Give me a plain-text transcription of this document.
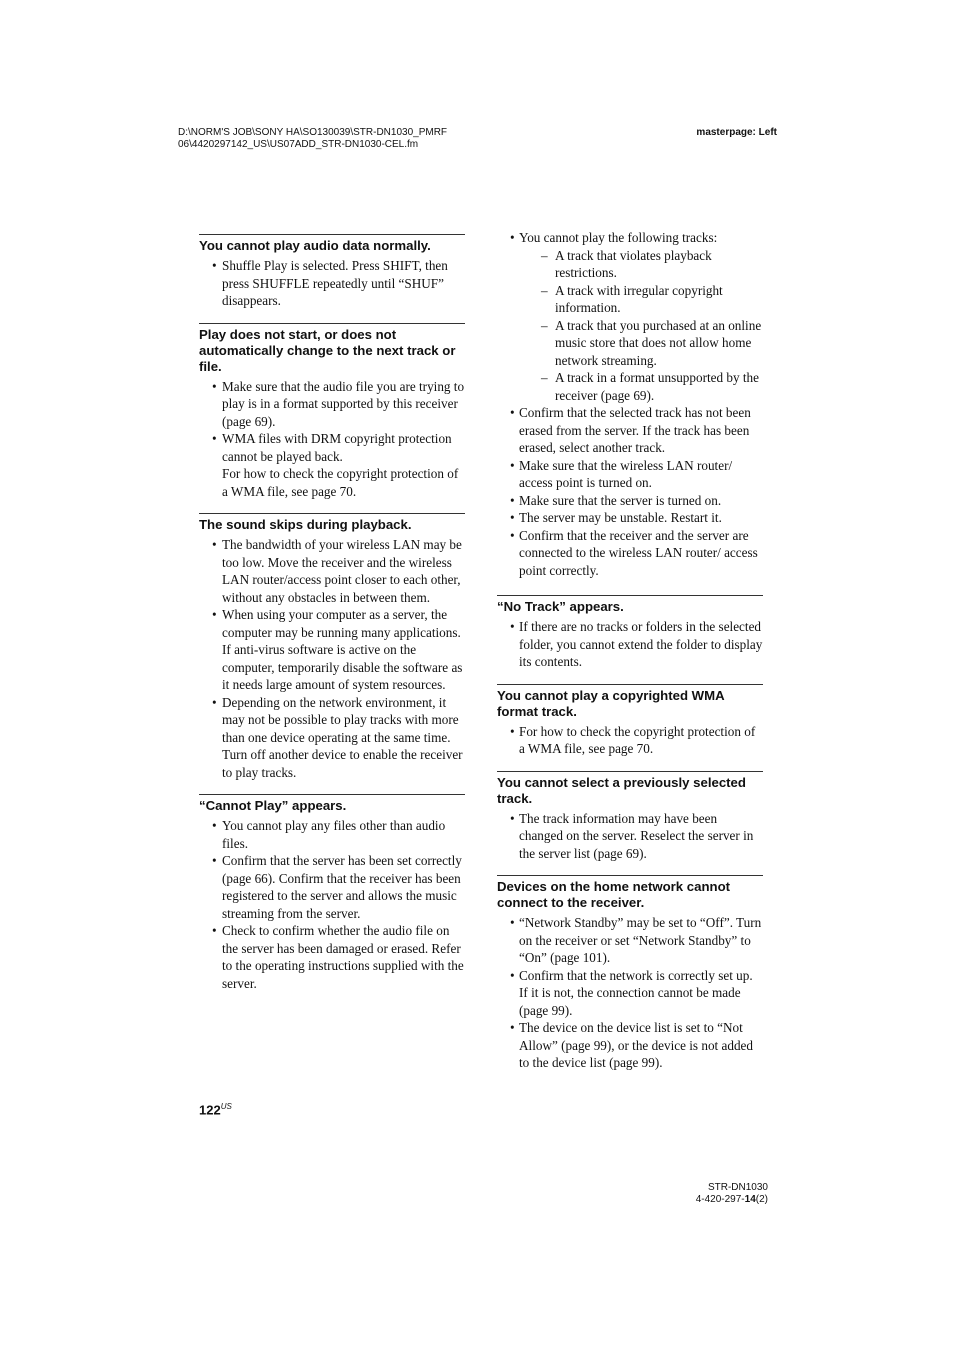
D:\NORM'S JOB\SONY HA\SO130039\STR-DN1030_PMRF
06\4420297142_US\US07ADD_STR-DN1030-CEL.fm
masterpage: Left
You cannot play audio data normally.
• Shuffle Play is selected. Press SHIFT, then press SHUFFLE repeatedly until “SHUF” disappears.
Play does not start, or does not automatically change to the next track or file.
• Make sure that the audio file you are trying to play is in a format supported by this receiver (page 69).
• WMA files with DRM copyright protection cannot be played back.
For how to check the copyright protection of a WMA file, see page 70.
The sound skips during playback.
• The bandwidth of your wireless LAN may be too low. Move the receiver and the wireless LAN router/access point closer to each other, without any obstacles in between them.
• When using your computer as a server, the computer may be running many applications. If anti-virus software is active on the computer, temporarily disable the software as it needs large amount of system resources.
• Depending on the network environment, it may not be possible to play tracks with more than one device operating at the same time. Turn off another device to enable the receiver to play tracks.
“Cannot Play” appears.
• You cannot play any files other than audio files.
• Confirm that the server has been set correctly (page 66). Confirm that the receiver has been registered to the server and allows the music streaming from the server.
• Check to confirm whether the audio file on the server has been damaged or erased. Refer to the operating instructions supplied with the server.
• You cannot play the following tracks:
– A track that violates playback restrictions.
– A track with irregular copyright information.
– A track that you purchased at an online music store that does not allow home network streaming.
– A track in a format unsupported by the receiver (page 69).
• Confirm that the selected track has not been erased from the server. If the track has been erased, select another track.
• Make sure that the wireless LAN router/ access point is turned on.
• Make sure that the server is turned on.
• The server may be unstable. Restart it.
• Confirm that the receiver and the server are connected to the wireless LAN router/ access point correctly.
“No Track” appears.
• If there are no tracks or folders in the selected folder, you cannot extend the folder to display its contents.
You cannot play a copyrighted WMA format track.
• For how to check the copyright protection of a WMA file, see page 70.
You cannot select a previously selected track.
• The track information may have been changed on the server. Reselect the server in the server list (page 69).
Devices on the home network cannot connect to the receiver.
• “Network Standby” may be set to “Off”. Turn on the receiver or set “Network Standby” to “On” (page 101).
• Confirm that the network is correctly set up. If it is not, the connection cannot be made (page 99).
• The device on the device list is set to “Not Allow” (page 99), or the device is not added to the device list (page 99).
$122^{US}$
STR-DN1030
4-420-297-14(2)
